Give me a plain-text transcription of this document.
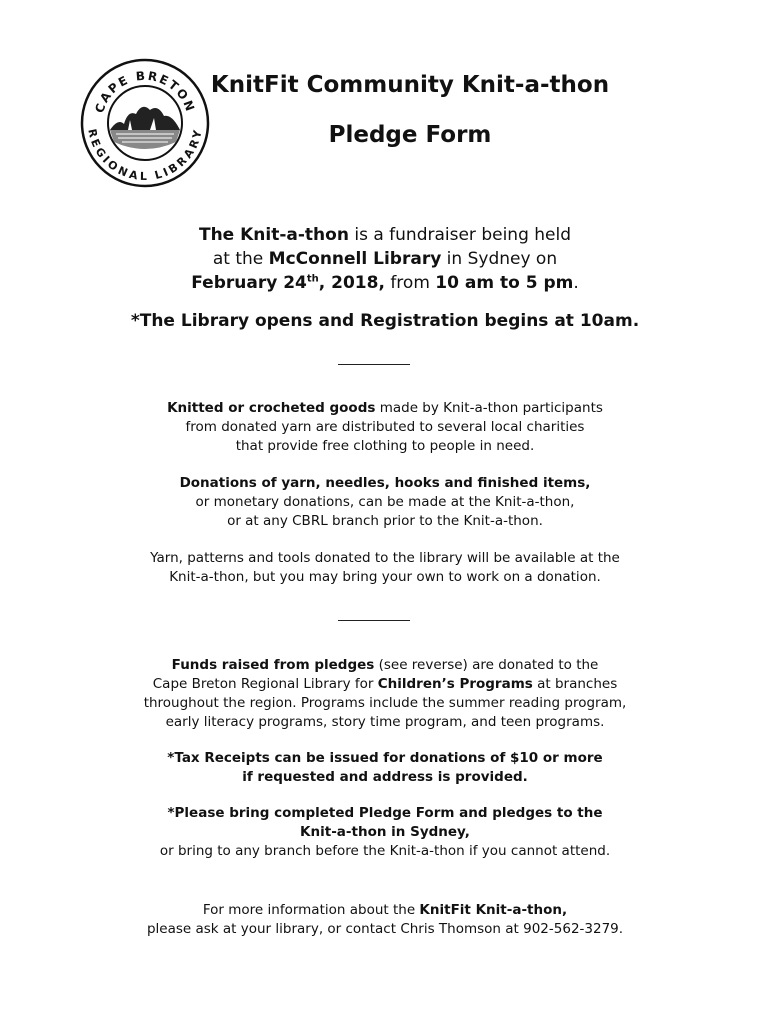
CAPE BRETON
REGIONAL LIBRARY
KnitFit Community Knit-a-thon
Pledge Form
The Knit-a-thon is a fundraiser being held
at the McConnell Library in Sydney on
February 24th, 2018, from 10 am to 5 pm.
*The Library opens and Registration begins at 10am.
Knitted or crocheted goods made by Knit-a-thon participants
from donated yarn are distributed to several local charities
that provide free clothing to people in need.
Donations of yarn, needles, hooks and finished items,
or monetary donations, can be made at the Knit-a-thon,
or at any CBRL branch prior to the Knit-a-thon.
Yarn, patterns and tools donated to the library will be available at the
Knit-a-thon, but you may bring your own to work on a donation.
Funds raised from pledges (see reverse) are donated to the
Cape Breton Regional Library for Children’s Programs at branches
throughout the region. Programs include the summer reading program,
early literacy programs, story time program, and teen programs.
*Tax Receipts can be issued for donations of $10 or more
if requested and address is provided.
*Please bring completed Pledge Form and pledges to the
Knit-a-thon in Sydney,
or bring to any branch before the Knit-a-thon if you cannot attend.
For more information about the KnitFit Knit-a-thon,
please ask at your library, or contact Chris Thomson at 902-562-3279.
